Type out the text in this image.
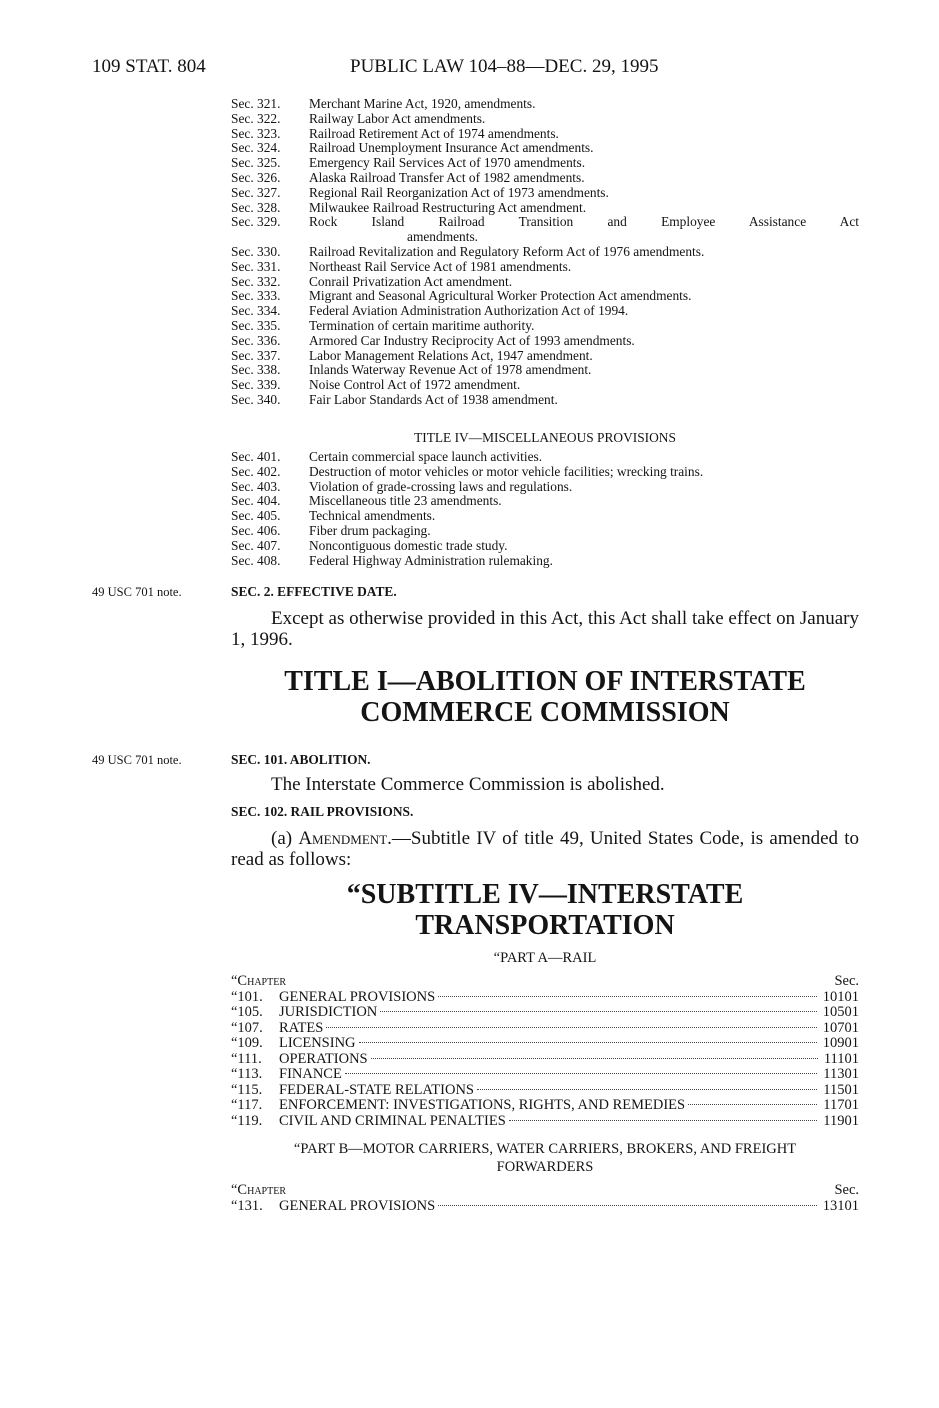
109 STAT. 804	PUBLIC LAW 104–88—DEC. 29, 1995
Sec. 321.	Merchant Marine Act, 1920, amendments.
Sec. 322.	Railway Labor Act amendments.
Sec. 323.	Railroad Retirement Act of 1974 amendments.
Sec. 324.	Railroad Unemployment Insurance Act amendments.
Sec. 325.	Emergency Rail Services Act of 1970 amendments.
Sec. 326.	Alaska Railroad Transfer Act of 1982 amendments.
Sec. 327.	Regional Rail Reorganization Act of 1973 amendments.
Sec. 328.	Milwaukee Railroad Restructuring Act amendment.
Sec. 329.	Rock Island Railroad Transition and Employee Assistance Act
amendments.
Sec. 330.	Railroad Revitalization and Regulatory Reform Act of 1976 amendments.
Sec. 331.	Northeast Rail Service Act of 1981 amendments.
Sec. 332.	Conrail Privatization Act amendment.
Sec. 333.	Migrant and Seasonal Agricultural Worker Protection Act amendments.
Sec. 334.	Federal Aviation Administration Authorization Act of 1994.
Sec. 335.	Termination of certain maritime authority.
Sec. 336.	Armored Car Industry Reciprocity Act of 1993 amendments.
Sec. 337.	Labor Management Relations Act, 1947 amendment.
Sec. 338.	Inlands Waterway Revenue Act of 1978 amendment.
Sec. 339.	Noise Control Act of 1972 amendment.
Sec. 340.	Fair Labor Standards Act of 1938 amendment.
TITLE IV—MISCELLANEOUS PROVISIONS
Sec. 401.	Certain commercial space launch activities.
Sec. 402.	Destruction of motor vehicles or motor vehicle facilities; wrecking trains.
Sec. 403.	Violation of grade-crossing laws and regulations.
Sec. 404.	Miscellaneous title 23 amendments.
Sec. 405.	Technical amendments.
Sec. 406.	Fiber drum packaging.
Sec. 407.	Noncontiguous domestic trade study.
Sec. 408.	Federal Highway Administration rulemaking.
49 USC 701 note.	SEC. 2. EFFECTIVE DATE.
Except as otherwise provided in this Act, this Act shall take effect on January 1, 1996.
TITLE I—ABOLITION OF INTERSTATE
COMMERCE COMMISSION
49 USC 701 note.	SEC. 101. ABOLITION.
The Interstate Commerce Commission is abolished.
SEC. 102. RAIL PROVISIONS.
(a) Amendment.—Subtitle IV of title 49, United States Code, is amended to read as follows:
“SUBTITLE IV—INTERSTATE
TRANSPORTATION
“PART A—RAIL
“Chapter	Sec.
“101.	GENERAL PROVISIONS	10101
“105.	JURISDICTION	10501
“107.	RATES	10701
“109.	LICENSING	10901
“111.	OPERATIONS	11101
“113.	FINANCE	11301
“115.	FEDERAL-STATE RELATIONS	11501
“117.	ENFORCEMENT: INVESTIGATIONS, RIGHTS, AND REMEDIES	11701
“119.	CIVIL AND CRIMINAL PENALTIES	11901
“PART B—MOTOR CARRIERS, WATER CARRIERS, BROKERS, AND FREIGHT
FORWARDERS
“Chapter	Sec.
“131.	GENERAL PROVISIONS	13101
